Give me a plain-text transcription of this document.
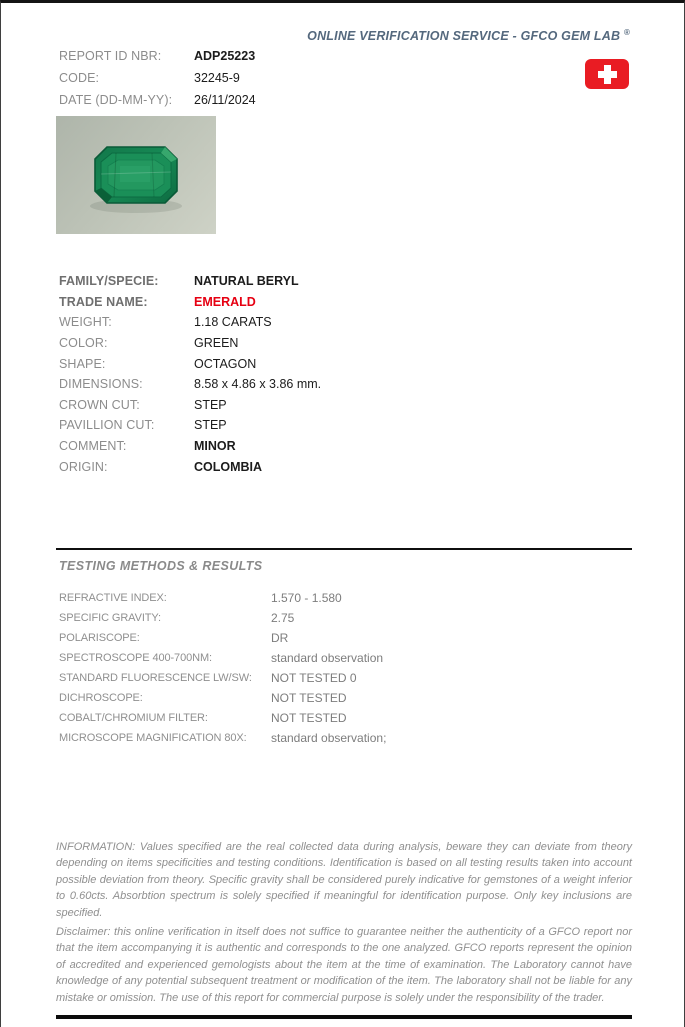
ONLINE VERIFICATION SERVICE - GFCO GEM LAB ®
REPORT ID NBR:	ADP25223
CODE:	32245-9
DATE (DD-MM-YY):	26/11/2024
FAMILY/SPECIE:	NATURAL BERYL
TRADE NAME:	EMERALD
WEIGHT:	1.18 CARATS
COLOR:	GREEN
SHAPE:	OCTAGON
DIMENSIONS:	8.58 x 4.86 x 3.86 mm.
CROWN CUT:	STEP
PAVILLION CUT:	STEP
COMMENT:	MINOR
ORIGIN:	COLOMBIA
TESTING METHODS & RESULTS
REFRACTIVE INDEX:	1.570 - 1.580
SPECIFIC GRAVITY:	2.75
POLARISCOPE:	DR
SPECTROSCOPE 400-700NM:	standard observation
STANDARD FLUORESCENCE LW/SW:	NOT TESTED 0
DICHROSCOPE:	NOT TESTED
COBALT/CHROMIUM FILTER:	NOT TESTED
MICROSCOPE MAGNIFICATION 80X:	standard observation;
INFORMATION: Values specified are the real collected data during analysis, beware they can deviate from theory depending on items specificities and testing conditions. Identification is based on all testing results taken into account possible deviation from theory. Specific gravity shall be considered purely indicative for gemstones of a weight inferior to 0.60cts. Absorbtion spectrum is solely specified if meaningful for identification purpose. Only key inclusions are specified.
Disclaimer: this online verification in itself does not suffice to guarantee neither the authenticity of a GFCO report nor that the item accompanying it is authentic and corresponds to the one analyzed. GFCO reports represent the opinion of accredited and experienced gemologists about the item at the time of examination. The Laboratory cannot have knowledge of any potential subsequent treatment or modification of the item. The laboratory shall not be liable for any mistake or omission. The use of this report for commercial purpose is solely under the responsibility of the trader.
